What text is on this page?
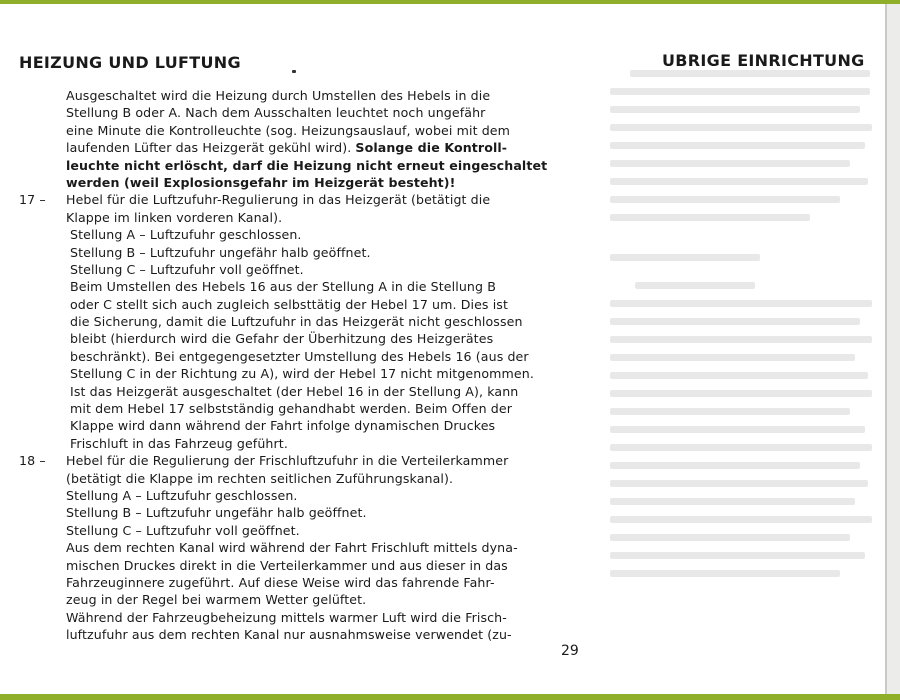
HEIZUNG UND LUFTUNG	UBRIGE EINRICHTUNG
Ausgeschaltet wird die Heizung durch Umstellen des Hebels in die
Stellung B oder A. Nach dem Ausschalten leuchtet noch ungefähr
eine Minute die Kontrolleuchte (sog. Heizungsauslauf, wobei mit dem
laufenden Lüfter das Heizgerät gekühl wird). Solange die Kontroll-
leuchte nicht erlöscht, darf die Heizung nicht erneut eingeschaltet
werden (weil Explosionsgefahr im Heizgerät besteht)!
17 – Hebel für die Luftzufuhr-Regulierung in das Heizgerät (betätigt die
Klappe im linken vorderen Kanal).
Stellung A – Luftzufuhr geschlossen.
Stellung B – Luftzufuhr ungefähr halb geöffnet.
Stellung C – Luftzufuhr voll geöffnet.
Beim Umstellen des Hebels 16 aus der Stellung A in die Stellung B
oder C stellt sich auch zugleich selbsttätig der Hebel 17 um. Dies ist
die Sicherung, damit die Luftzufuhr in das Heizgerät nicht geschlossen
bleibt (hierdurch wird die Gefahr der Überhitzung des Heizgerätes
beschränkt). Bei entgegengesetzter Umstellung des Hebels 16 (aus der
Stellung C in der Richtung zu A), wird der Hebel 17 nicht mitgenommen.
Ist das Heizgerät ausgeschaltet (der Hebel 16 in der Stellung A), kann
mit dem Hebel 17 selbstständig gehandhabt werden. Beim Offen der
Klappe wird dann während der Fahrt infolge dynamischen Druckes
Frischluft in das Fahrzeug geführt.
18 – Hebel für die Regulierung der Frischluftzufuhr in die Verteilerkammer
(betätigt die Klappe im rechten seitlichen Zuführungskanal).
Stellung A – Luftzufuhr geschlossen.
Stellung B – Luftzufuhr ungefähr halb geöffnet.
Stellung C – Luftzufuhr voll geöffnet.
Aus dem rechten Kanal wird während der Fahrt Frischluft mittels dyna-
mischen Druckes direkt in die Verteilerkammer und aus dieser in das
Fahrzeuginnere zugeführt. Auf diese Weise wird das fahrende Fahr-
zeug in der Regel bei warmem Wetter gelüftet.
Während der Fahrzeugbeheizung mittels warmer Luft wird die Frisch-
luftzufuhr aus dem rechten Kanal nur ausnahmsweise verwendet (zu-
29
